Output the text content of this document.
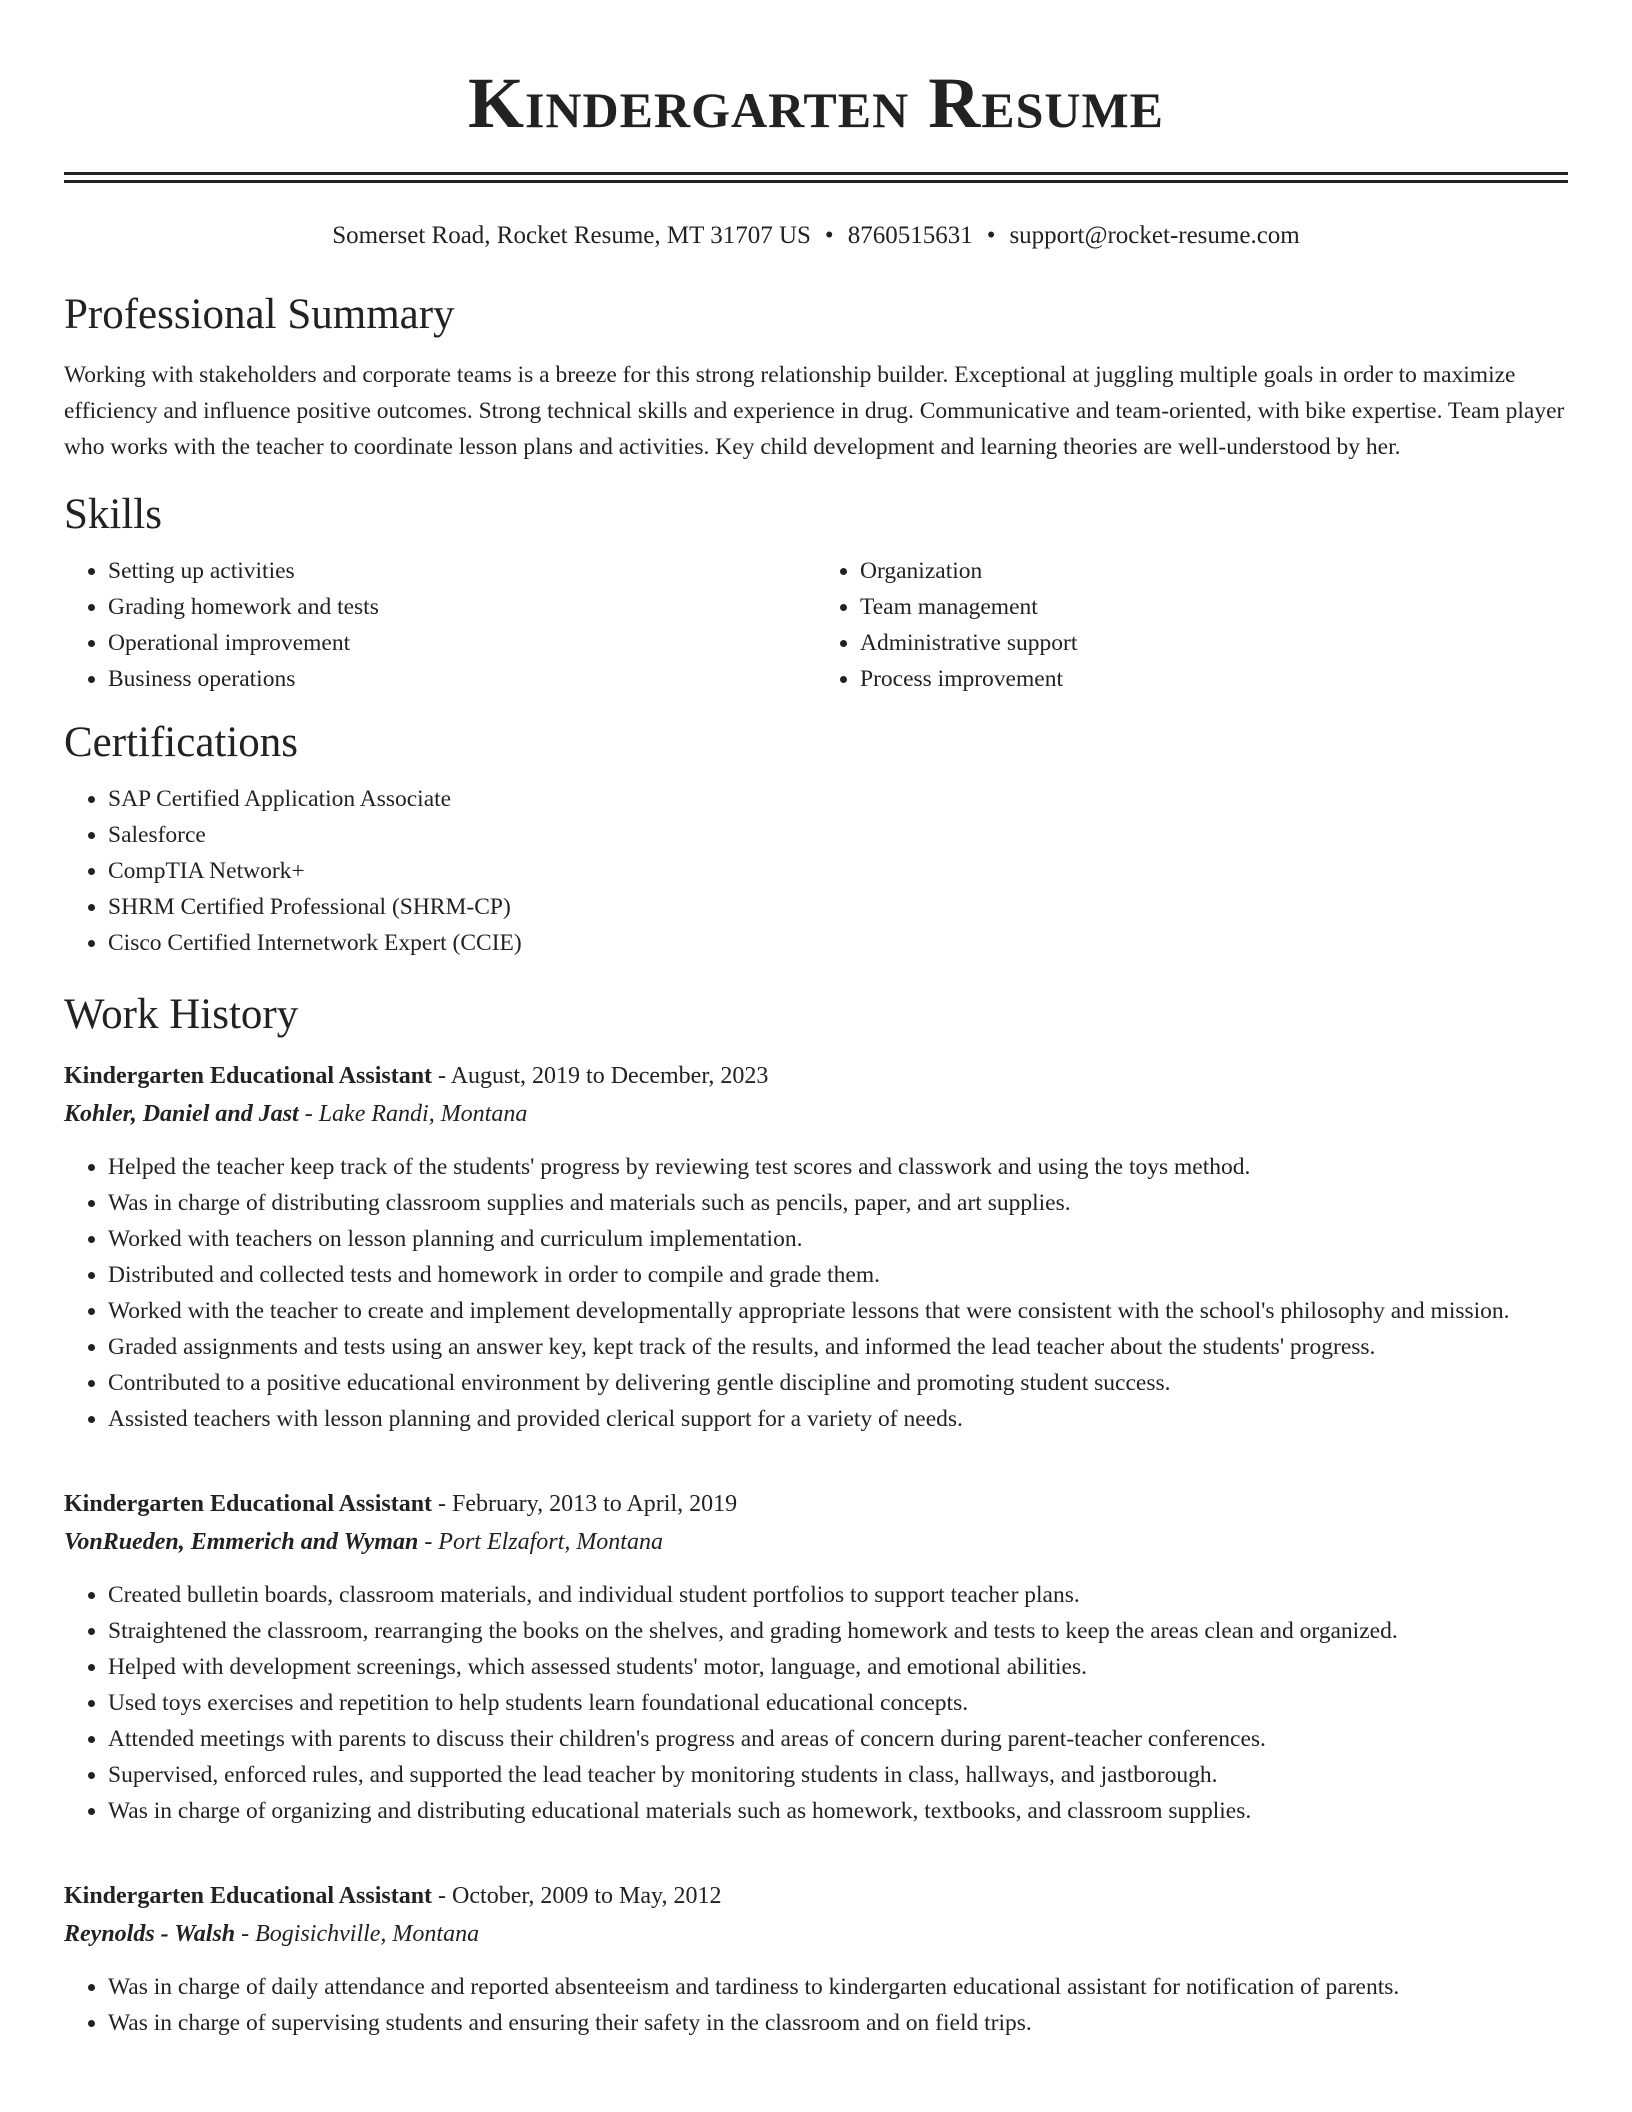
Kindergarten Resume
Somerset Road, Rocket Resume, MT 31707 US • 8760515631 • support@rocket-resume.com
Professional Summary
Working with stakeholders and corporate teams is a breeze for this strong relationship builder. Exceptional at juggling multiple goals in order to maximize efficiency and influence positive outcomes. Strong technical skills and experience in drug. Communicative and team-oriented, with bike expertise. Team player who works with the teacher to coordinate lesson plans and activities. Key child development and learning theories are well-understood by her.
Skills
• Setting up activities
• Grading homework and tests
• Operational improvement
• Business operations
• Organization
• Team management
• Administrative support
• Process improvement
Certifications
• SAP Certified Application Associate
• Salesforce
• CompTIA Network+
• SHRM Certified Professional (SHRM-CP)
• Cisco Certified Internetwork Expert (CCIE)
Work History
Kindergarten Educational Assistant - August, 2019 to December, 2023
Kohler, Daniel and Jast - Lake Randi, Montana
• Helped the teacher keep track of the students' progress by reviewing test scores and classwork and using the toys method.
• Was in charge of distributing classroom supplies and materials such as pencils, paper, and art supplies.
• Worked with teachers on lesson planning and curriculum implementation.
• Distributed and collected tests and homework in order to compile and grade them.
• Worked with the teacher to create and implement developmentally appropriate lessons that were consistent with the school's philosophy and mission.
• Graded assignments and tests using an answer key, kept track of the results, and informed the lead teacher about the students' progress.
• Contributed to a positive educational environment by delivering gentle discipline and promoting student success.
• Assisted teachers with lesson planning and provided clerical support for a variety of needs.
Kindergarten Educational Assistant - February, 2013 to April, 2019
VonRueden, Emmerich and Wyman - Port Elzafort, Montana
• Created bulletin boards, classroom materials, and individual student portfolios to support teacher plans.
• Straightened the classroom, rearranging the books on the shelves, and grading homework and tests to keep the areas clean and organized.
• Helped with development screenings, which assessed students' motor, language, and emotional abilities.
• Used toys exercises and repetition to help students learn foundational educational concepts.
• Attended meetings with parents to discuss their children's progress and areas of concern during parent-teacher conferences.
• Supervised, enforced rules, and supported the lead teacher by monitoring students in class, hallways, and jastborough.
• Was in charge of organizing and distributing educational materials such as homework, textbooks, and classroom supplies.
Kindergarten Educational Assistant - October, 2009 to May, 2012
Reynolds - Walsh - Bogisichville, Montana
• Was in charge of daily attendance and reported absenteeism and tardiness to kindergarten educational assistant for notification of parents.
• Was in charge of supervising students and ensuring their safety in the classroom and on field trips.
